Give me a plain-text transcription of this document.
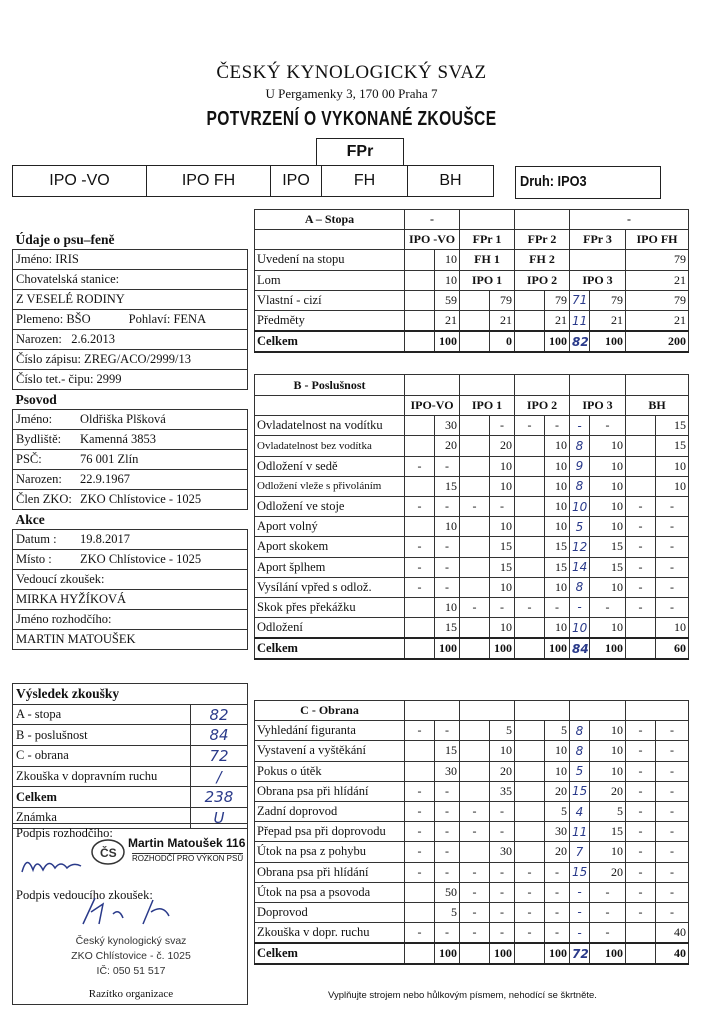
ČESKÝ KYNOLOGICKÝ SVAZ
U Pergamenky 3, 170 00 Praha 7
POTVRZENÍ O VYKONANÉ ZKOUŠCE
FPr
IPO -VO	IPO FH	IPO	FH	BH	Druh: IPO3
Údaje o psu–feně
Jméno: IRIS
Chovatelská stanice:
Z VESELÉ RODINY
Plemeno: BŠO	Pohlaví: FENA
Narozen: 2.6.2013
Číslo zápisu: ZREG/ACO/2999/13
Číslo tet.- čipu: 2999
Psovod
Jméno: Oldřiška Plšková
Bydliště: Kamenná 3853
PSČ:	76 001 Zlín
Narozen: 22.9.1967
Člen ZKO: ZKO Chlístovice - 1025
Akce
Datum : 19.8.2017
Místo : ZKO Chlístovice - 1025
Vedoucí zkoušek:
MIRKA HYŽÍKOVÁ
Jméno rozhodčího:
MARTIN MATOUŠEK
Výsledek zkoušky	
A - stopa	82
B - poslušnost	84
C - obrana	72
Zkouška v dopravním ruchu	/
Celkem	238
Známka	U
Podpis rozhodčího:
ČS
Martin Matoušek 116
ROZHODČÍ PRO VÝKON PSŮ
Podpis vedoucího zkoušek:
Český kynologický svaz
ZKO Chlístovice - č. 1025
IČ: 050 51 517
Razítko organizace
A – Stopa	-						-		
	IPO -VO		FPr 1		FPr 2		FPr 3		IPO FH
Uvedení na stopu		10	FH 1		FH 2				79
Lom		10	IPO 1		IPO 2		IPO 3		21
Vlastní - cizí		59		79		79	71	79	79
Předměty		21		21		21	11	21	21
Celkem		100		0		100	82	100	200
B - Poslušnost										
	IPO-VO		IPO 1		IPO 2		IPO 3		BH	
Ovladatelnost na vodítku		30		-	-	-	-	-		15
Ovladatelnost bez vodítka		20		20		10	8	10		15
Odložení v sedě	-	-		10		10	9	10		10
Odložení vleže s přivoláním		15		10		10	8	10		10
Odložení ve stoje	-	-	-	-		10	10	10	-	-
Aport volný		10		10		10	5	10	-	-
Aport skokem	-	-		15		15	12	15	-	-
Aport šplhem	-	-		15		15	14	15	-	-
Vysílání vpřed s odlož.	-	-		10		10	8	10	-	-
Skok přes překážku		10	-	-	-	-	-	-	-	-
Odložení		15		10		10	10	10		10
Celkem		100		100		100	84	100		60
C - Obrana										
Vyhledání figuranta	-	-		5		5	8	10	-	-
Vystavení a vyštěkání		15		10		10	8	10	-	-
Pokus o útěk		30		20		10	5	10	-	-
Obrana psa při hlídání	-	-		35		20	15	20	-	-
Zadní doprovod	-	-	-	-		5	4	5	-	-
Přepad psa při doprovodu	-	-	-	-		30	11	15	-	-
Útok na psa z pohybu	-	-		30		20	7	10	-	-
Obrana psa při hlídání	-	-	-	-	-	-	15	20	-	-
Útok na psa a psovoda		50	-	-	-	-	-	-	-	-
Doprovod		5	-	-	-	-	-	-	-	-
Zkouška v dopr. ruchu	-	-	-	-	-	-	-	-		40
Celkem		100		100		100	72	100		40
Vyplňujte strojem nebo hůlkovým písmem, nehodící se škrtněte.
